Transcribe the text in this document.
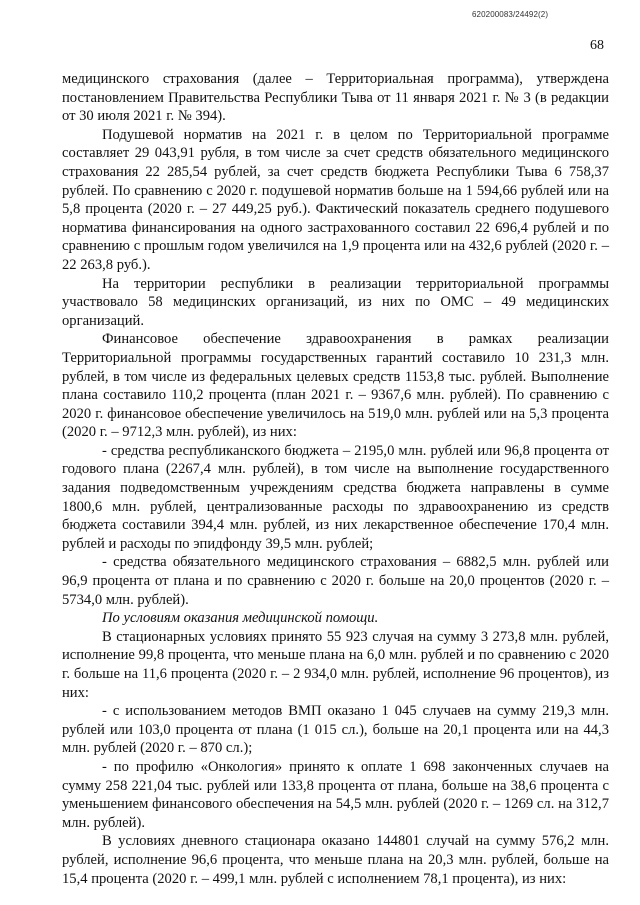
620200083/24492(2)
68

медицинского страхования (далее – Территориальная программа), утверждена постановлением Правительства Республики Тыва от 11 января 2021 г. № 3 (в редакции от 30 июля 2021 г. № 394).

Подушевой норматив на 2021 г. в целом по Территориальной программе составляет 29 043,91 рубля, в том числе за счет средств обязательного медицинского страхования 22 285,54 рублей, за счет средств бюджета Республики Тыва 6 758,37 рублей. По сравнению с 2020 г. подушевой норматив больше на 1 594,66 рублей или на 5,8 процента (2020 г. – 27 449,25 руб.). Фактический показатель среднего подушевого норматива финансирования на одного застрахованного составил 22 696,4 рублей и по сравнению с прошлым годом увеличился на 1,9 процента или на 432,6 рублей (2020 г. – 22 263,8 руб.).

На территории республики в реализации территориальной программы участвовало 58 медицинских организаций, из них по ОМС – 49 медицинских организаций.

Финансовое обеспечение здравоохранения в рамках реализации Территориальной программы государственных гарантий составило 10 231,3 млн. рублей, в том числе из федеральных целевых средств 1153,8 тыс. рублей. Выполнение плана составило 110,2 процента (план 2021 г. – 9367,6 млн. рублей). По сравнению с 2020 г. финансовое обеспечение увеличилось на 519,0 млн. рублей или на 5,3 процента (2020 г. – 9712,3 млн. рублей), из них:

- средства республиканского бюджета – 2195,0 млн. рублей или 96,8 процента от годового плана (2267,4 млн. рублей), в том числе на выполнение государственного задания подведомственным учреждениям средства бюджета направлены в сумме 1800,6 млн. рублей, централизованные расходы по здравоохранению из средств бюджета составили 394,4 млн. рублей, из них лекарственное обеспечение 170,4 млн. рублей и расходы по эпидфонду 39,5 млн. рублей;

- средства обязательного медицинского страхования – 6882,5 млн. рублей или 96,9 процента от плана и по сравнению с 2020 г. больше на 20,0 процентов (2020 г. – 5734,0 млн. рублей).

По условиям оказания медицинской помощи.

В стационарных условиях принято 55 923 случая на сумму 3 273,8 млн. рублей, исполнение 99,8 процента, что меньше плана на 6,0 млн. рублей и по сравнению с 2020 г. больше на 11,6 процента (2020 г. – 2 934,0 млн. рублей, исполнение 96 процентов), из них:

- с использованием методов ВМП оказано 1 045 случаев на сумму 219,3 млн. рублей или 103,0 процента от плана (1 015 сл.), больше на 20,1 процента или на 44,3 млн. рублей (2020 г. – 870 сл.);

- по профилю «Онкология» принято к оплате 1 698 законченных случаев на сумму 258 221,04 тыс. рублей или 133,8 процента от плана, больше на 38,6 процента с уменьшением финансового обеспечения на 54,5 млн. рублей (2020 г. – 1269 сл. на 312,7 млн. рублей).

В условиях дневного стационара оказано 144801 случай на сумму 576,2 млн. рублей, исполнение 96,6 процента, что меньше плана на 20,3 млн. рублей, больше на 15,4 процента (2020 г. – 499,1 млн. рублей с исполнением 78,1 процента), из них:
